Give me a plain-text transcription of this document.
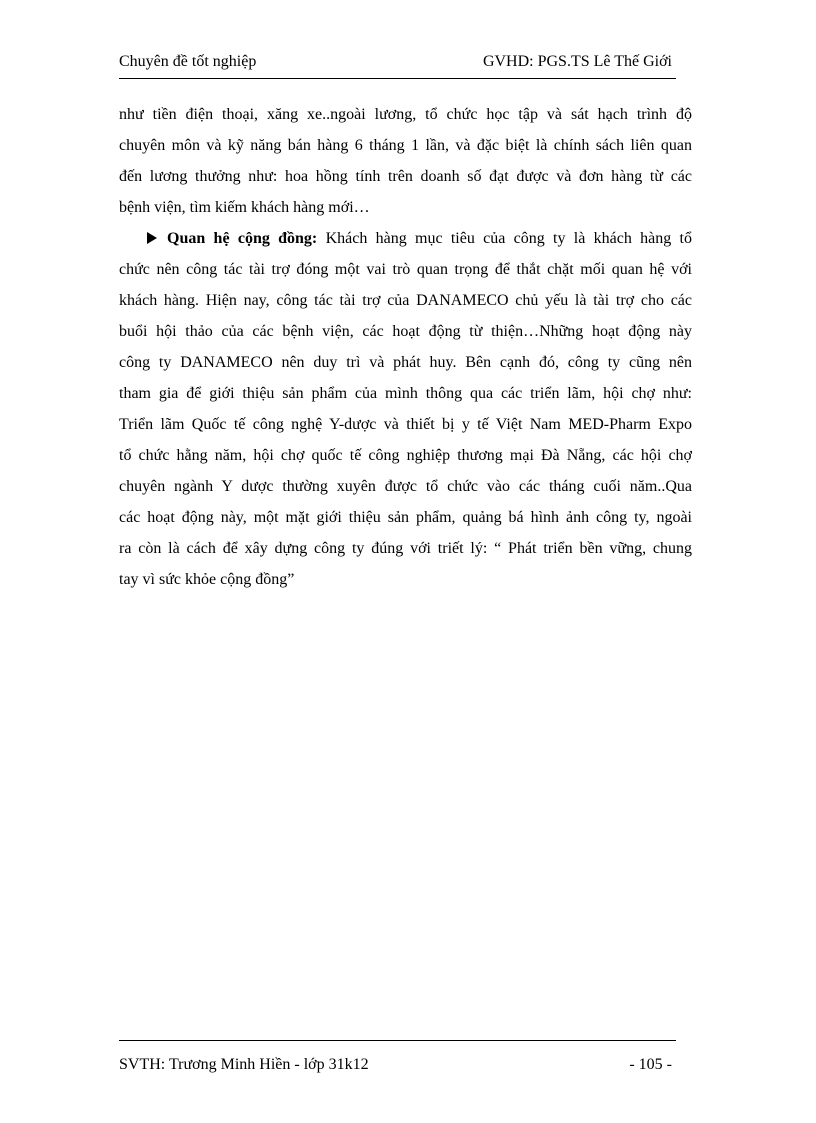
Chuyên đề tốt nghiệp	GVHD: PGS.TS Lê Thế Giới
như tiền điện thoại, xăng xe..ngoài lương, tổ chức học tập và sát hạch trình độ
chuyên môn và kỹ năng bán hàng 6 tháng 1 lần, và đặc biệt là chính sách liên quan
đến lương thưởng như: hoa hồng tính trên doanh số đạt được và đơn hàng từ các
bệnh viện, tìm kiếm khách hàng mới…
Quan hệ cộng đồng: Khách hàng mục tiêu của công ty là khách hàng tổ
chức nên công tác tài trợ đóng một vai trò quan trọng để thắt chặt mối quan hệ với
khách hàng. Hiện nay, công tác tài trợ của DANAMECO chủ yếu là tài trợ cho các
buổi hội thảo của các bệnh viện, các hoạt động từ thiện…Những hoạt động này
công ty DANAMECO nên duy trì và phát huy. Bên cạnh đó, công ty cũng nên
tham gia để giới thiệu sản phẩm của mình thông qua các triển lãm, hội chợ như:
Triển lãm Quốc tế công nghệ Y-dược và thiết bị y tế Việt Nam MED-Pharm Expo
tổ chức hằng năm, hội chợ quốc tế công nghiệp thương mại Đà Nẵng, các hội chợ
chuyên ngành Y dược thường xuyên được tổ chức vào các tháng cuối năm..Qua
các hoạt động này, một mặt giới thiệu sản phẩm, quảng bá hình ảnh công ty, ngoài
ra còn là cách để xây dựng công ty đúng với triết lý: “ Phát triển bền vững, chung
tay vì sức khỏe cộng đồng”
SVTH: Trương Minh Hiền - lớp 31k12	- 105 -
